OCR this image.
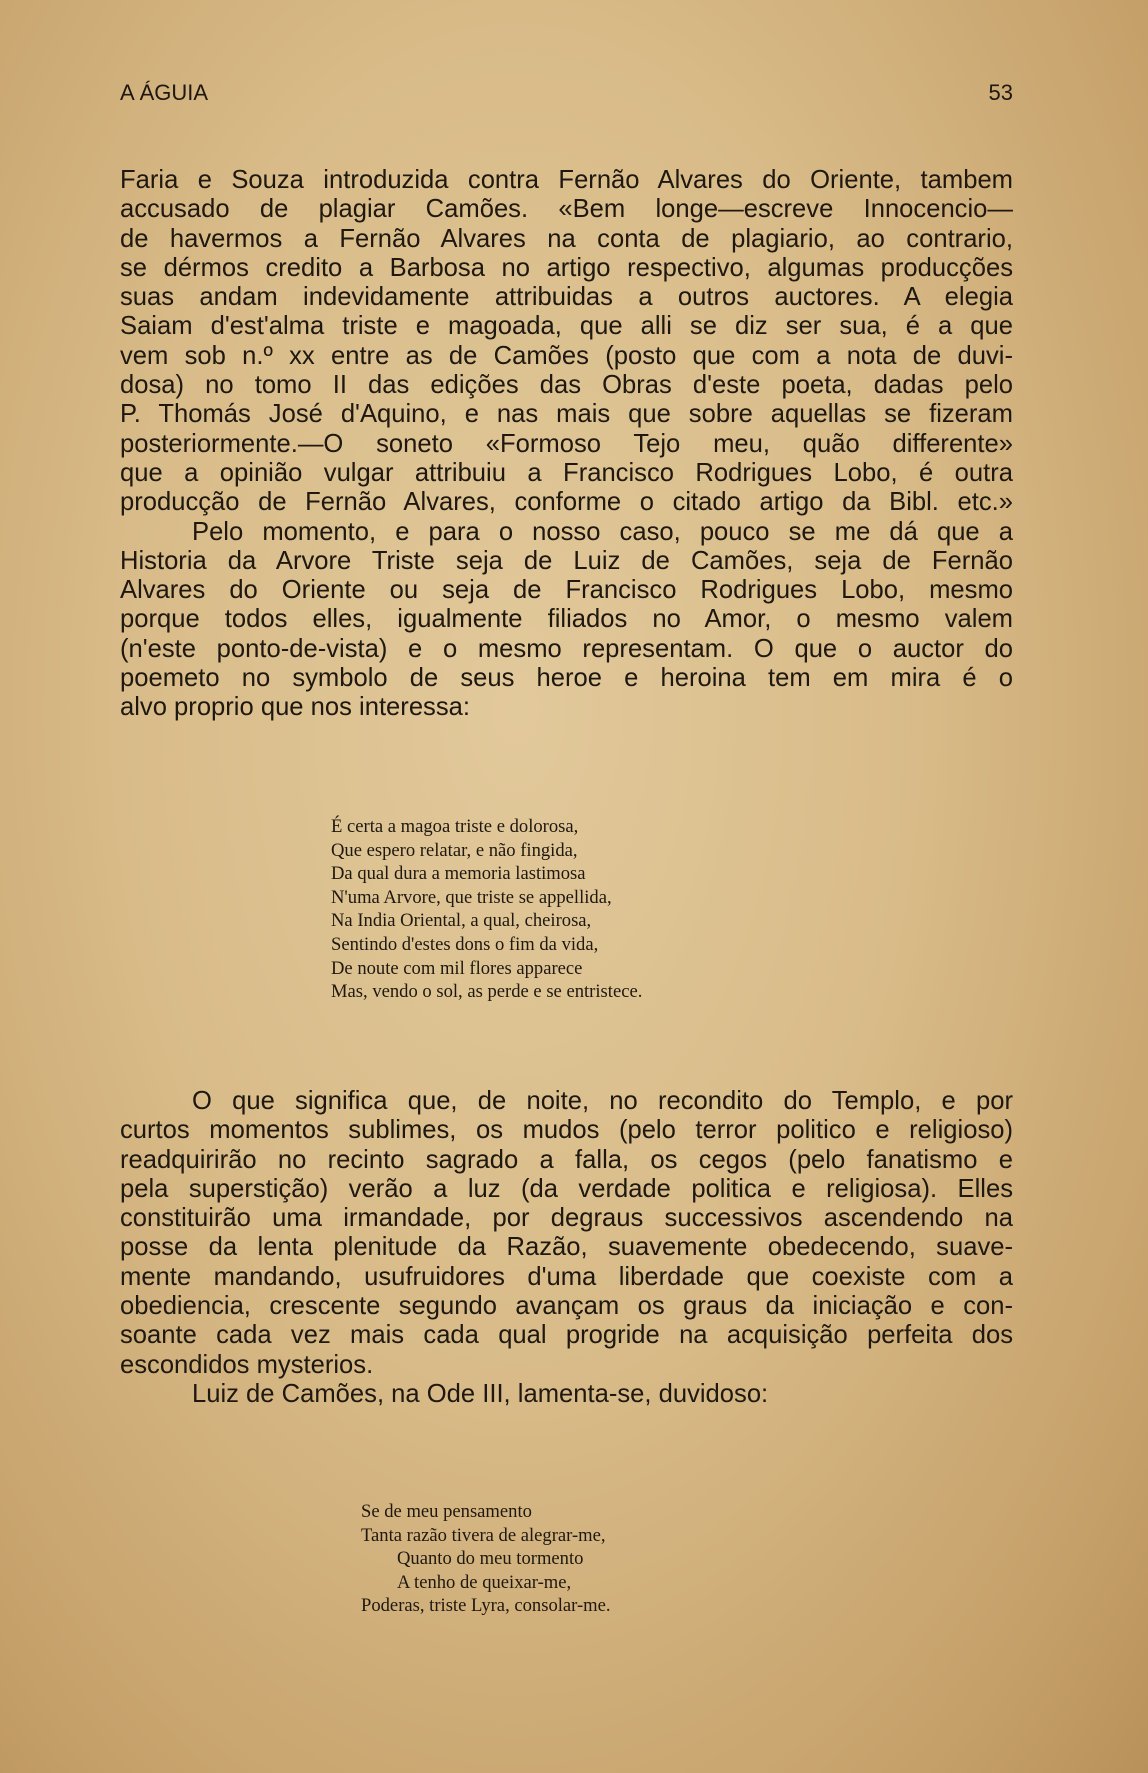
A ÁGUIA	53
Faria e Souza introduzida contra Fernão Alvares do Oriente, tambem
accusado de plagiar Camões. «Bem longe—escreve Innocencio—
de havermos a Fernão Alvares na conta de plagiario, ao contrario,
se dérmos credito a Barbosa no artigo respectivo, algumas producções
suas andam indevidamente attribuidas a outros auctores. A elegia
Saiam d'est'alma triste e magoada, que alli se diz ser sua, é a que
vem sob n.º xx entre as de Camões (posto que com a nota de duvi-
dosa) no tomo II das edições das Obras d'este poeta, dadas pelo
P. Thomás José d'Aquino, e nas mais que sobre aquellas se fizeram
posteriormente.—O soneto «Formoso Tejo meu, quão differente»
que a opinião vulgar attribuiu a Francisco Rodrigues Lobo, é outra
producção de Fernão Alvares, conforme o citado artigo da Bibl. etc.»
Pelo momento, e para o nosso caso, pouco se me dá que a
Historia da Arvore Triste seja de Luiz de Camões, seja de Fernão
Alvares do Oriente ou seja de Francisco Rodrigues Lobo, mesmo
porque todos elles, igualmente filiados no Amor, o mesmo valem
(n'este ponto-de-vista) e o mesmo representam. O que o auctor do
poemeto no symbolo de seus heroe e heroina tem em mira é o
alvo proprio que nos interessa:
É certa a magoa triste e dolorosa,
Que espero relatar, e não fingida,
Da qual dura a memoria lastimosa
N'uma Arvore, que triste se appellida,
Na India Oriental, a qual, cheirosa,
Sentindo d'estes dons o fim da vida,
De noute com mil flores apparece
Mas, vendo o sol, as perde e se entristece.
O que significa que, de noite, no recondito do Templo, e por
curtos momentos sublimes, os mudos (pelo terror politico e religioso)
readquirirão no recinto sagrado a falla, os cegos (pelo fanatismo e
pela superstição) verão a luz (da verdade politica e religiosa). Elles
constituirão uma irmandade, por degraus successivos ascendendo na
posse da lenta plenitude da Razão, suavemente obedecendo, suave-
mente mandando, usufruidores d'uma liberdade que coexiste com a
obediencia, crescente segundo avançam os graus da iniciação e con-
soante cada vez mais cada qual progride na acquisição perfeita dos
escondidos mysterios.
Luiz de Camões, na Ode III, lamenta-se, duvidoso:
Se de meu pensamento
Tanta razão tivera de alegrar-me,
Quanto do meu tormento
A tenho de queixar-me,
Poderas, triste Lyra, consolar-me.
